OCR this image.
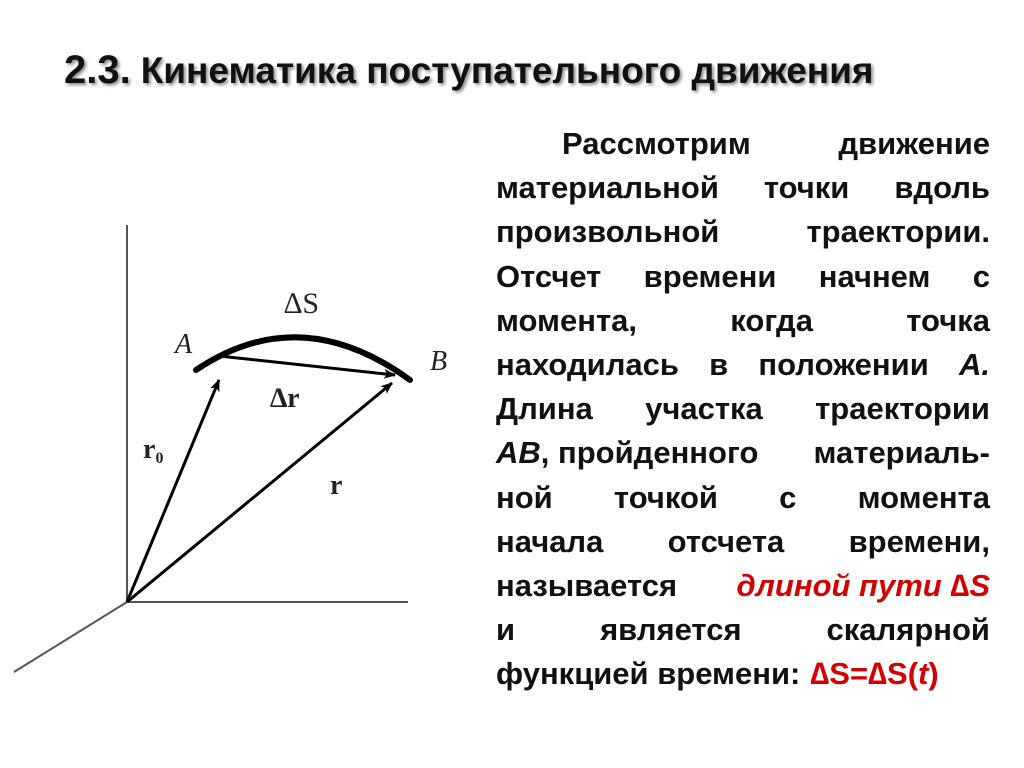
2.3. Кинематика поступательного движения
A
B
∆S
∆r
r0
r
Рассмотрим	движение
материальной точки вдоль
произвольной	траектории.
Отсчет времени начнем с
момента,	когда	точка
находилась в положении A.
Длина участка траектории
AB, пройденного материаль-
ной точкой с момента
начала отсчета времени,
называется длиной пути ∆S
и	является	скалярной
функцией времени: ∆S=∆S(t)
